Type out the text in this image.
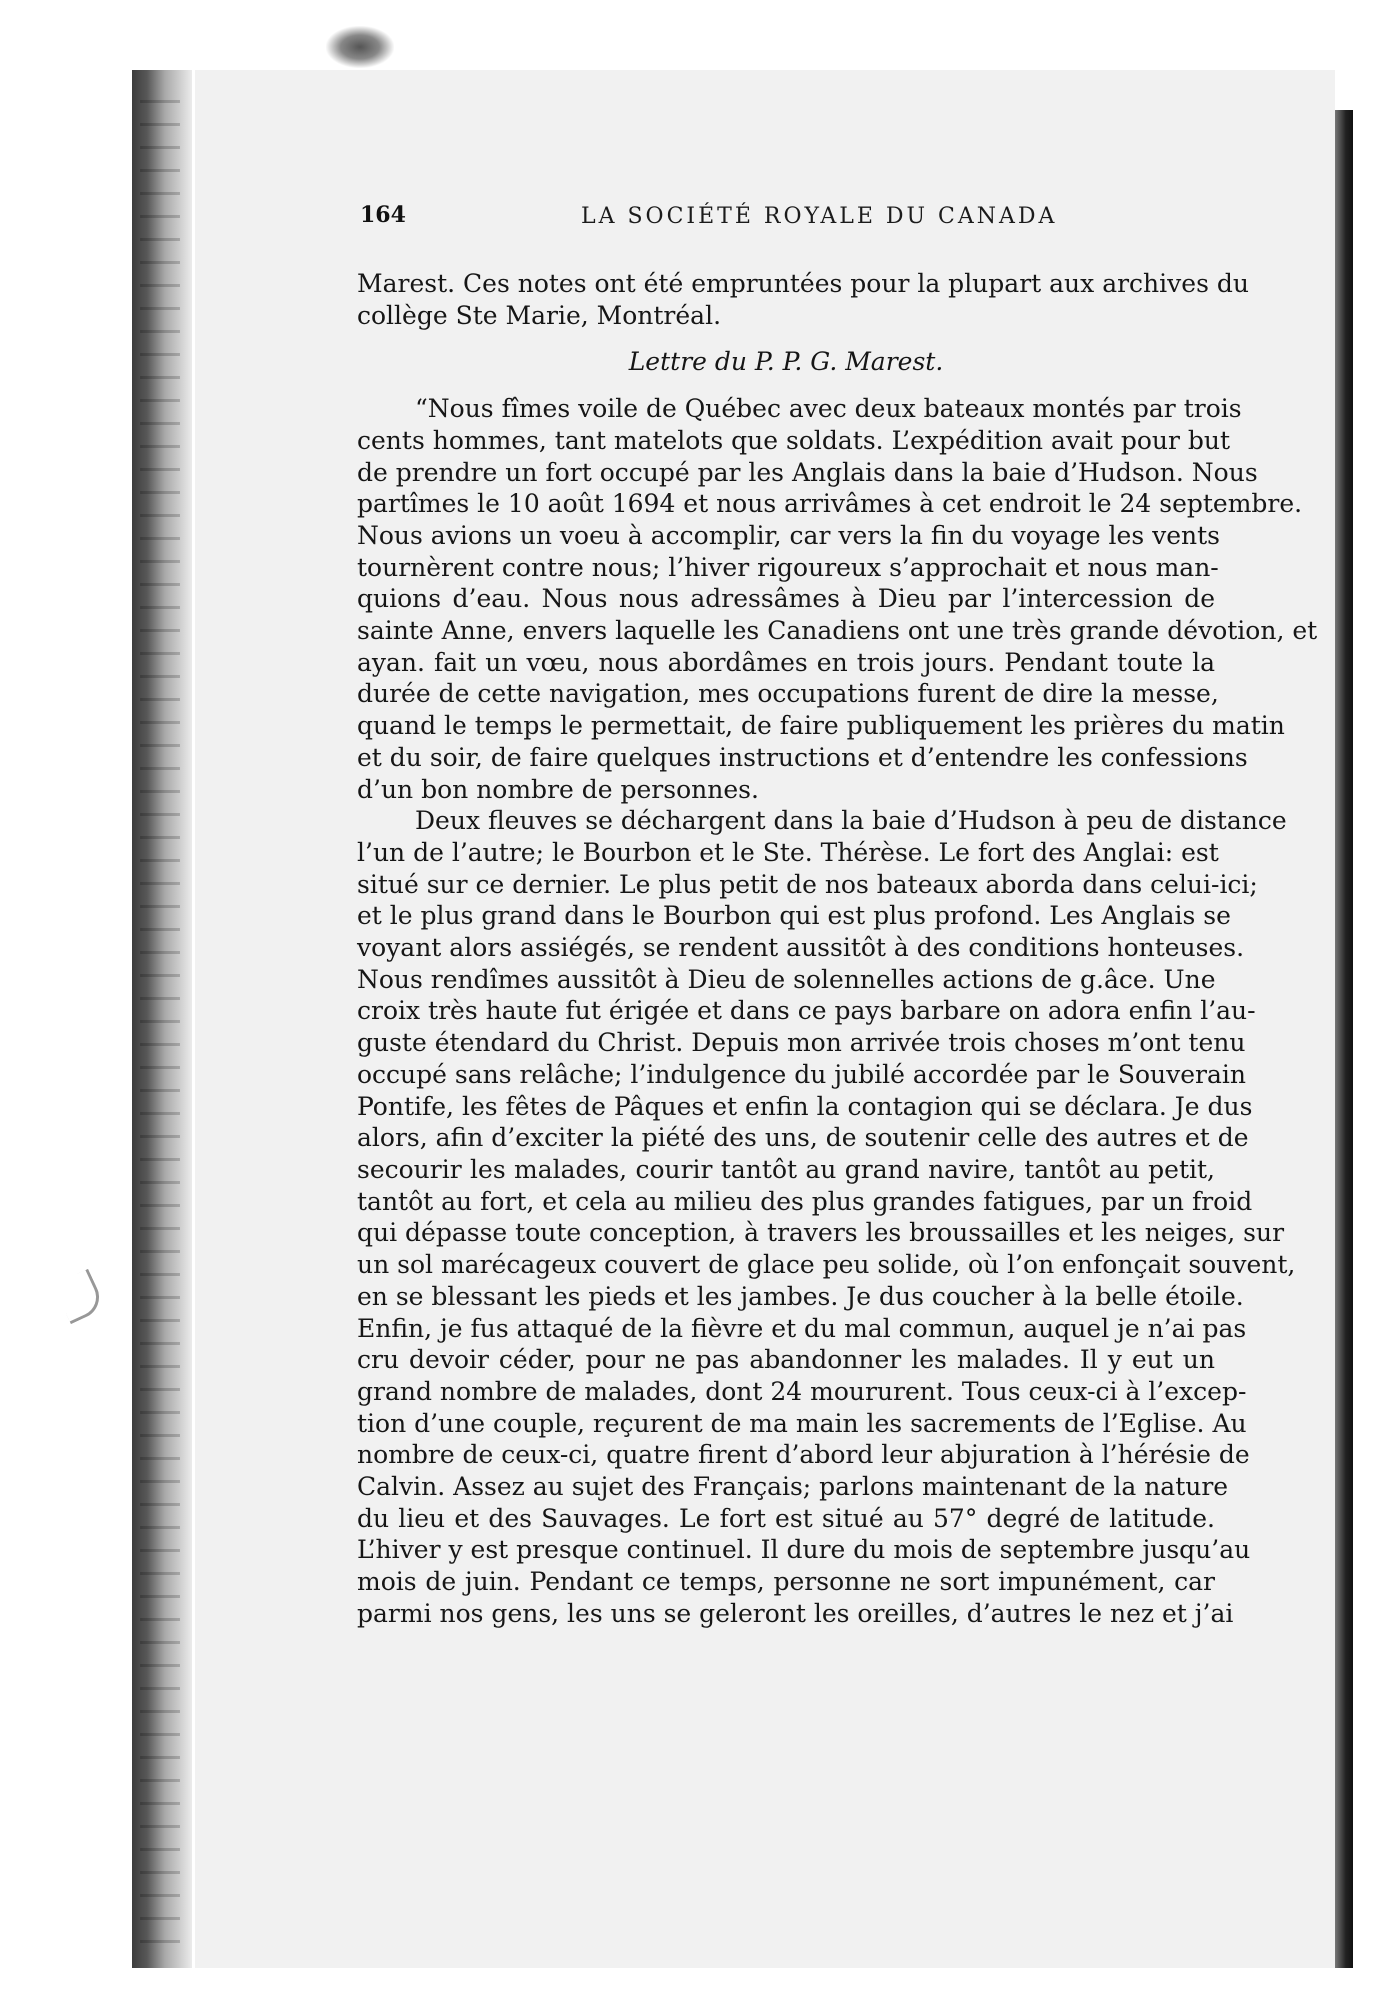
164	LA SOCIÉTÉ ROYALE DU CANADA
Marest. Ces notes ont été empruntées pour la plupart aux archives du
collège Ste Marie, Montréal.
Lettre du P. P. G. Marest.
“Nous fîmes voile de Québec avec deux bateaux montés par trois
cents hommes, tant matelots que soldats. L’expédition avait pour but
de prendre un fort occupé par les Anglais dans la baie d’Hudson. Nous
partîmes le 10 août 1694 et nous arrivâmes à cet endroit le 24 septembre.
Nous avions un voeu à accomplir, car vers la fin du voyage les vents
tournèrent contre nous; l’hiver rigoureux s’approchait et nous man-
quions d’eau. Nous nous adressâmes à Dieu par l’intercession de
sainte Anne, envers laquelle les Canadiens ont une très grande dévotion, et
ayan. fait un vœu, nous abordâmes en trois jours. Pendant toute la
durée de cette navigation, mes occupations furent de dire la messe,
quand le temps le permettait, de faire publiquement les prières du matin
et du soir, de faire quelques instructions et d’entendre les confessions
d’un bon nombre de personnes.
Deux fleuves se déchargent dans la baie d’Hudson à peu de distance
l’un de l’autre; le Bourbon et le Ste. Thérèse. Le fort des Anglai: est
situé sur ce dernier. Le plus petit de nos bateaux aborda dans celui-ici;
et le plus grand dans le Bourbon qui est plus profond. Les Anglais se
voyant alors assiégés, se rendent aussitôt à des conditions honteuses.
Nous rendîmes aussitôt à Dieu de solennelles actions de g.âce. Une
croix très haute fut érigée et dans ce pays barbare on adora enfin l’au-
guste étendard du Christ. Depuis mon arrivée trois choses m’ont tenu
occupé sans relâche; l’indulgence du jubilé accordée par le Souverain
Pontife, les fêtes de Pâques et enfin la contagion qui se déclara. Je dus
alors, afin d’exciter la piété des uns, de soutenir celle des autres et de
secourir les malades, courir tantôt au grand navire, tantôt au petit,
tantôt au fort, et cela au milieu des plus grandes fatigues, par un froid
qui dépasse toute conception, à travers les broussailles et les neiges, sur
un sol marécageux couvert de glace peu solide, où l’on enfonçait souvent,
en se blessant les pieds et les jambes. Je dus coucher à la belle étoile.
Enfin, je fus attaqué de la fièvre et du mal commun, auquel je n’ai pas
cru devoir céder, pour ne pas abandonner les malades. Il y eut un
grand nombre de malades, dont 24 moururent. Tous ceux-ci à l’excep-
tion d’une couple, reçurent de ma main les sacrements de l’Eglise. Au
nombre de ceux-ci, quatre firent d’abord leur abjuration à l’hérésie de
Calvin. Assez au sujet des Français; parlons maintenant de la nature
du lieu et des Sauvages. Le fort est situé au 57° degré de latitude.
L’hiver y est presque continuel. Il dure du mois de septembre jusqu’au
mois de juin. Pendant ce temps, personne ne sort impunément, car
parmi nos gens, les uns se geleront les oreilles, d’autres le nez et j’ai
